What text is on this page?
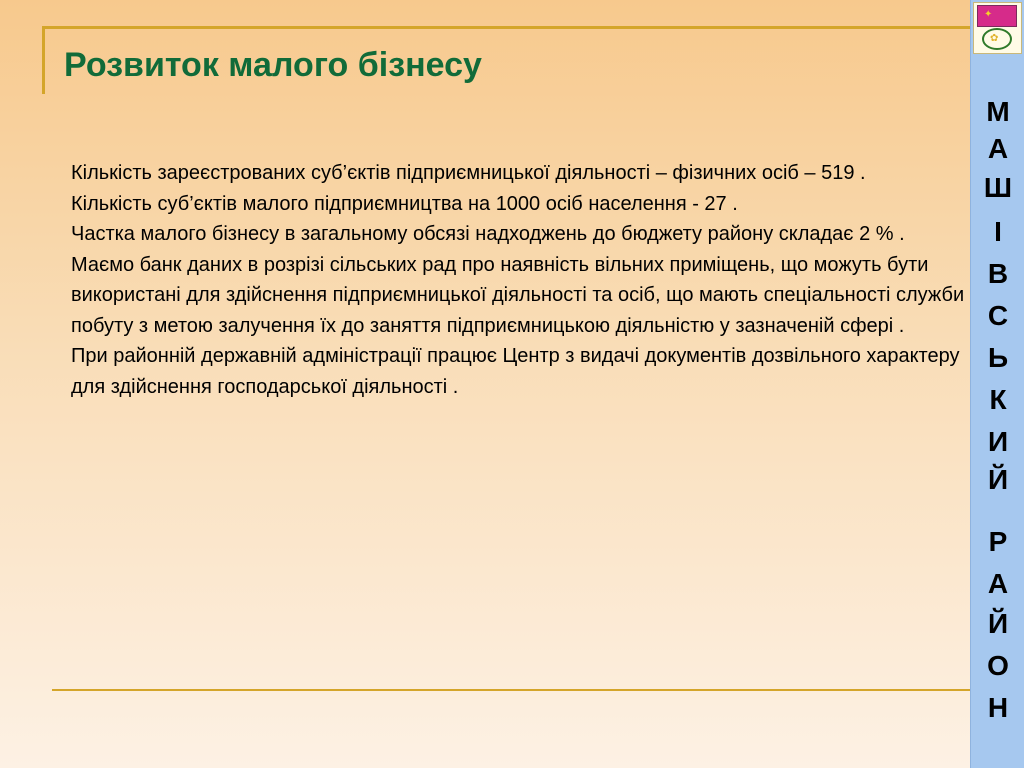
Розвиток малого бізнесу

Кількість зареєстрованих суб’єктів підприємницької діяльності – фізичних осіб – 519 .

Кількість суб’єктів малого підприємництва на 1000 осіб населення - 27 .

Частка малого бізнесу в загальному обсязі надходжень до бюджету району складає 2 % .

Маємо банк даних в розрізі сільських рад про наявність вільних приміщень, що можуть бути використані для здійснення підприємницької діяльності та осіб, що мають спеціальності служби побуту з метою залучення їх до заняття підприємницькою діяльністю у зазначеній сфері .

При районній державній адміністрації працює Центр з видачі документів дозвільного характеру для здійснення господарської діяльності .

✦
✿
М
А
Ш
І
В
С
Ь
К
И
Й
Р
А
Й
О
Н
